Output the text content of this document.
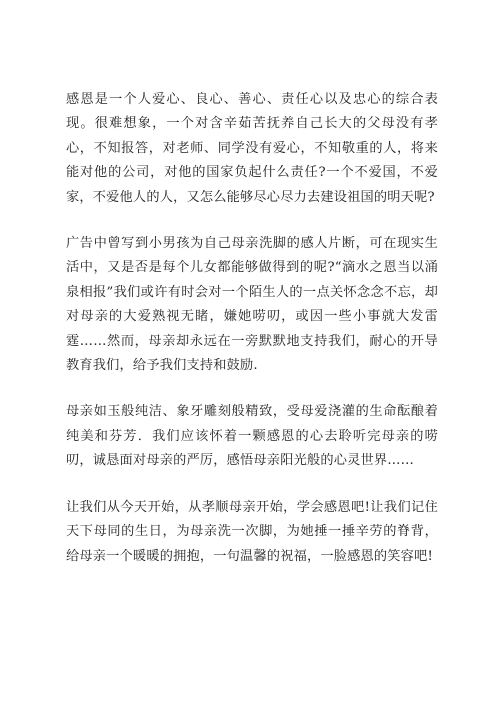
感恩是一个人爱心、良心、善心、责任心以及忠心的综合表现。很难想象，一个对含辛茹苦抚养自己长大的父母没有孝心，不知报答，对老师、同学没有爱心，不知敬重的人，将来能对他的公司，对他的国家负起什么责任?一个不爱国，不爱家，不爱他人的人，又怎么能够尽心尽力去建设祖国的明天呢?

广告中曾写到小男孩为自己母亲洗脚的感人片断，可在现实生活中，又是否是每个儿女都能够做得到的呢?“滴水之恩当以涌泉相报”我们或许有时会对一个陌生人的一点关怀念念不忘，却对母亲的大爱熟视无睹，嫌她唠叨，或因一些小事就大发雷霆……然而，母亲却永远在一旁默默地支持我们，耐心的开导教育我们，给予我们支持和鼓励.

母亲如玉般纯洁、象牙雕刻般精致，受母爱浇灌的生命酝酿着纯美和芬芳．我们应该怀着一颗感恩的心去聆听完母亲的唠叨，诚恳面对母亲的严厉，感悟母亲阳光般的心灵世界……

让我们从今天开始，从孝顺母亲开始，学会感恩吧!让我们记住天下母同的生日，为母亲洗一次脚，为她捶一捶辛劳的脊背，给母亲一个暖暖的拥抱，一句温馨的祝福，一脸感恩的笑容吧!
